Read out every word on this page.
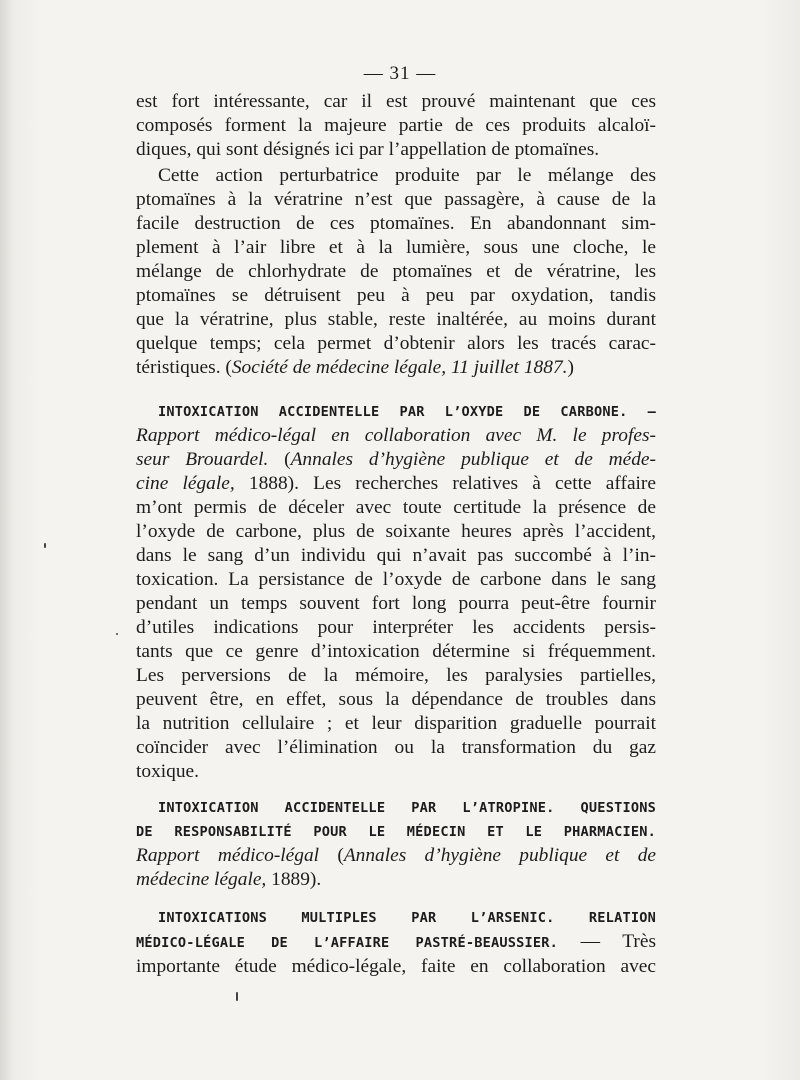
— 31 —
est fort intéressante, car il est prouvé maintenant que ces
composés forment la majeure partie de ces produits alcaloï-
diques, qui sont désignés ici par l’appellation de ptomaïnes.
Cette action perturbatrice produite par le mélange des
ptomaïnes à la vératrine n’est que passagère, à cause de la
facile destruction de ces ptomaïnes. En abandonnant sim-
plement à l’air libre et à la lumière, sous une cloche, le
mélange de chlorhydrate de ptomaïnes et de vératrine, les
ptomaïnes se détruisent peu à peu par oxydation, tandis
que la vératrine, plus stable, reste inaltérée, au moins durant
quelque temps; cela permet d’obtenir alors les tracés carac-
téristiques. (Société de médecine légale, 11 juillet 1887.)
INTOXICATION ACCIDENTELLE PAR L’OXYDE DE CARBONE. —
Rapport médico-légal en collaboration avec M. le profes-
seur Brouardel. (Annales d’hygiène publique et de méde-
cine légale, 1888). Les recherches relatives à cette affaire
m’ont permis de déceler avec toute certitude la présence de
l’oxyde de carbone, plus de soixante heures après l’accident,
dans le sang d’un individu qui n’avait pas succombé à l’in-
toxication. La persistance de l’oxyde de carbone dans le sang
pendant un temps souvent fort long pourra peut-être fournir
d’utiles indications pour interpréter les accidents persis-
tants que ce genre d’intoxication détermine si fréquemment.
Les perversions de la mémoire, les paralysies partielles,
peuvent être, en effet, sous la dépendance de troubles dans
la nutrition cellulaire ; et leur disparition graduelle pourrait
coïncider avec l’élimination ou la transformation du gaz
toxique.
INTOXICATION ACCIDENTELLE PAR L’ATROPINE. QUESTIONS
DE RESPONSABILITÉ POUR LE MÉDECIN ET LE PHARMACIEN.
Rapport médico-légal (Annales d’hygiène publique et de
médecine légale, 1889).
INTOXICATIONS MULTIPLES PAR L’ARSENIC. RELATION
MÉDICO-LÉGALE DE L’AFFAIRE PASTRÉ-BEAUSSIER. — Très
importante étude médico-légale, faite en collaboration avec
